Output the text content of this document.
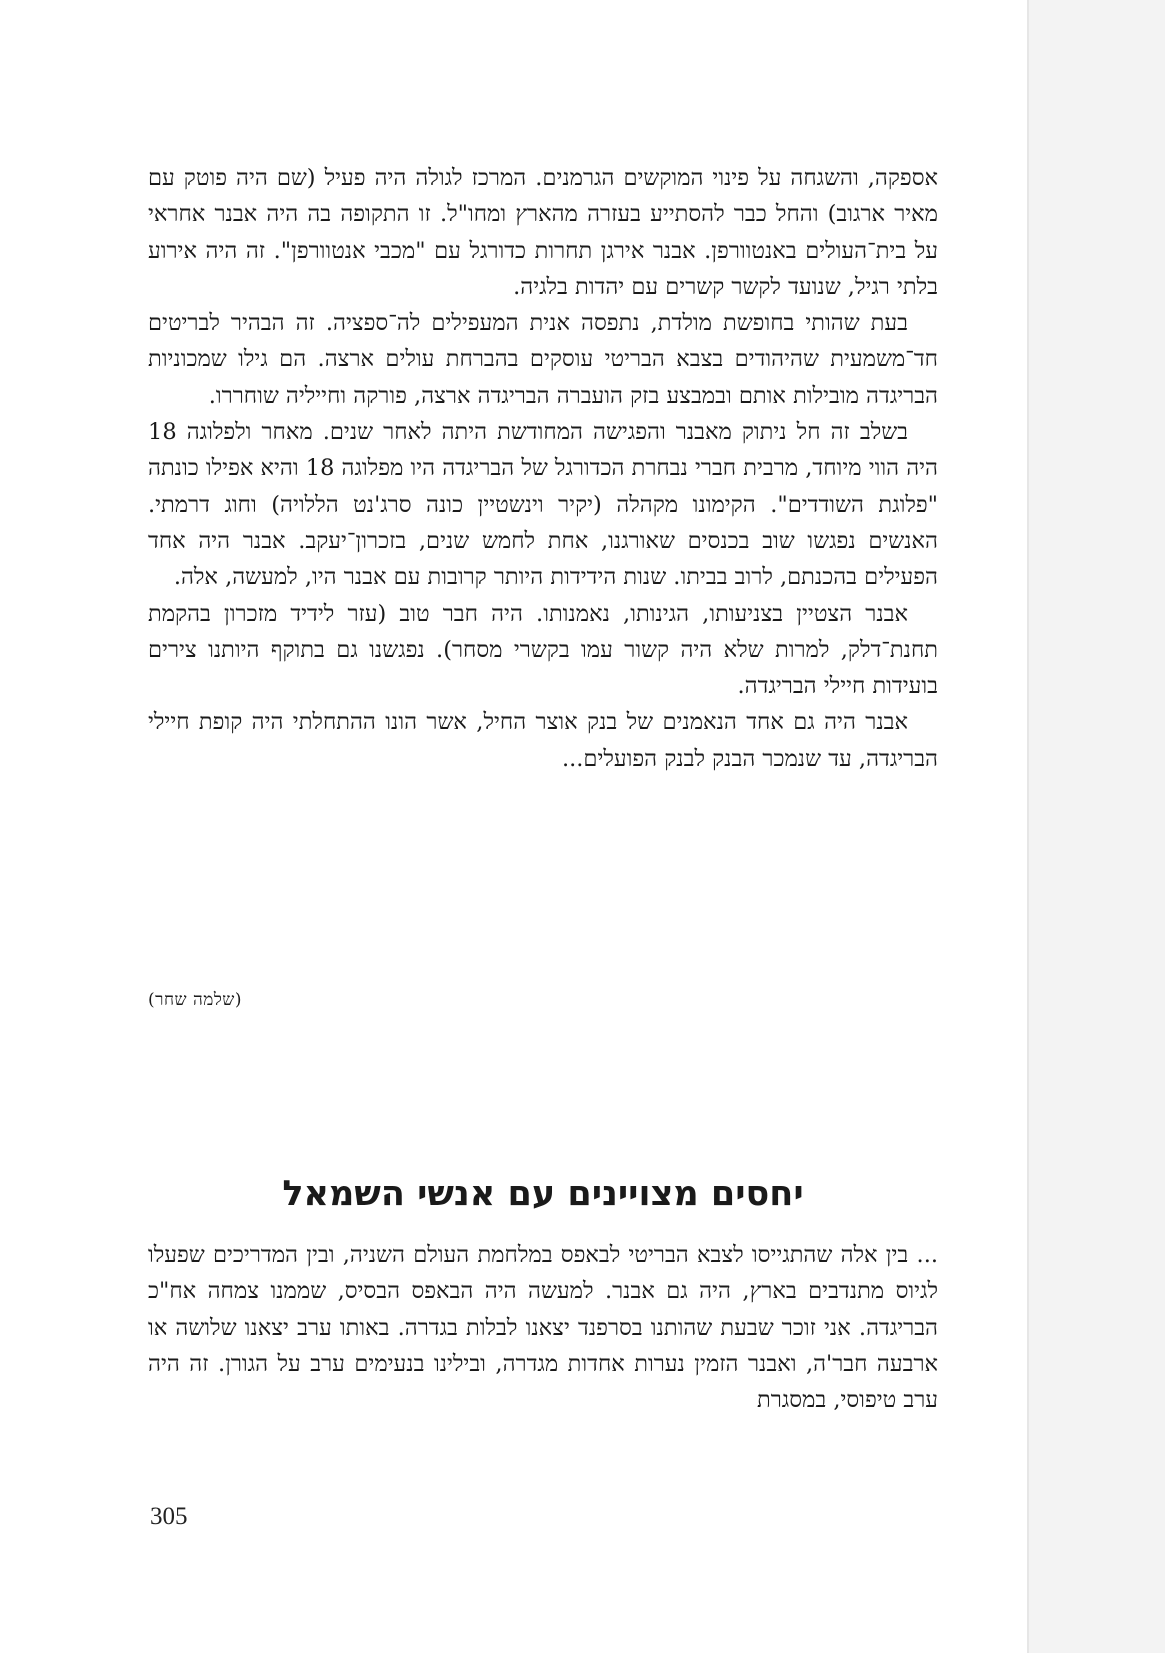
אספקה, והשגחה על פינוי המוקשים הגרמנים. המרכז לגולה היה פעיל (שם היה פוטק עם מאיר ארגוב) והחל כבר להסתייע בעזרה מהארץ ומחו"ל. זו התקופה בה היה אבנר אחראי על בית־העולים באנטוורפן. אבנר אירגן תחרות כדורגל עם "מכבי אנטוורפן". זה היה אירוע בלתי רגיל, שנועד לקשר קשרים עם יהדות בלגיה.

בעת שהותי בחופשת מולדת, נתפסה אנית המעפילים לה־ספציה. זה הבהיר לבריטים חד־משמעית שהיהודים בצבא הבריטי עוסקים בהברחת עולים ארצה. הם גילו שמכוניות הבריגדה מובילות אותם ובמבצע בזק הועברה הבריגדה ארצה, פורקה וחייליה שוחררו.

בשלב זה חל ניתוק מאבנר והפגישה המחודשת היתה לאחר שנים. מאחר ולפלוגה 18 היה הווי מיוחד, מרבית חברי נבחרת הכדורגל של הבריגדה היו מפלוגה 18 והיא אפילו כונתה "פלוגת השודדים". הקימונו מקהלה (יקיר וינשטיין כונה סרג'נט הללויה) וחוג דרמתי. האנשים נפגשו שוב בכנסים שאורגנו, אחת לחמש שנים, בזכרון־יעקב. אבנר היה אחד הפעילים בהכנתם, לרוב בביתו. שנות הידידות היותר קרובות עם אבנר היו, למעשה, אלה.

אבנר הצטיין בצניעותו, הגינותו, נאמנותו. היה חבר טוב (עזר לידיד מזכרון בהקמת תחנת־דלק, למרות שלא היה קשור עמו בקשרי מסחר). נפגשנו גם בתוקף היותנו צירים בועידות חיילי הבריגדה.

אבנר היה גם אחד הנאמנים של בנק אוצר החיל, אשר הונו ההתחלתי היה קופת חיילי הבריגדה, עד שנמכר הבנק לבנק הפועלים...

(שלמה שחר)
יחסים מצויינים עם אנשי השמאל

... בין אלה שהתגייסו לצבא הבריטי לבאפס במלחמת העולם השניה, ובין המדריכים שפעלו לגיוס מתנדבים בארץ, היה גם אבנר. למעשה היה הבאפס הבסיס, שממנו צמחה אח"כ הבריגדה. אני זוכר שבעת שהותנו בסרפנד יצאנו לבלות בגדרה. באותו ערב יצאנו שלושה או ארבעה חבר'ה, ואבנר הזמין נערות אחדות מגדרה, ובילינו בנעימים ערב על הגורן. זה היה ערב טיפוסי, במסגרת

305
